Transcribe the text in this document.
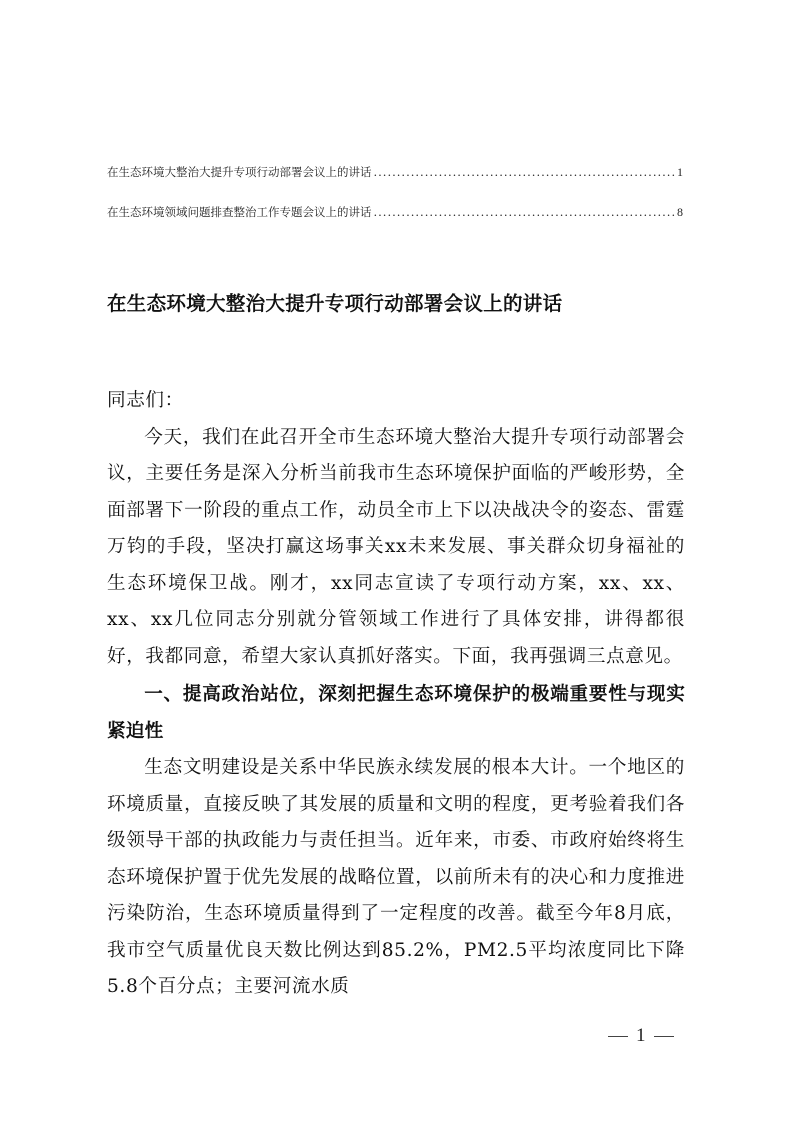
在生态环境大整治大提升专项行动部署会议上的讲话 .....	1
在生态环境领域问题排查整治工作专题会议上的讲话 .....	8
在生态环境大整治大提升专项行动部署会议上的讲话

同志们：

今天，我们在此召开全市生态环境大整治大提升专项行动部署会议，主要任务是深入分析当前我市生态环境保护面临的严峻形势，全面部署下一阶段的重点工作，动员全市上下以决战决令的姿态、雷霆万钧的手段，坚决打赢这场事关xx未来发展、事关群众切身福祉的生态环境保卫战。刚才，xx同志宣读了专项行动方案，xx、xx、xx、xx几位同志分别就分管领域工作进行了具体安排，讲得都很好，我都同意，希望大家认真抓好落实。下面，我再强调三点意见。

一、提高政治站位，深刻把握生态环境保护的极端重要性与现实紧迫性

生态文明建设是关系中华民族永续发展的根本大计。一个地区的环境质量，直接反映了其发展的质量和文明的程度，更考验着我们各级领导干部的执政能力与责任担当。近年来，市委、市政府始终将生态环境保护置于优先发展的战略位置，以前所未有的决心和力度推进污染防治，生态环境质量得到了一定程度的改善。截至今年8月底，我市空气质量优良天数比例达到85.2%，PM2.5平均浓度同比下降5.8个百分点；主要河流水质

1
